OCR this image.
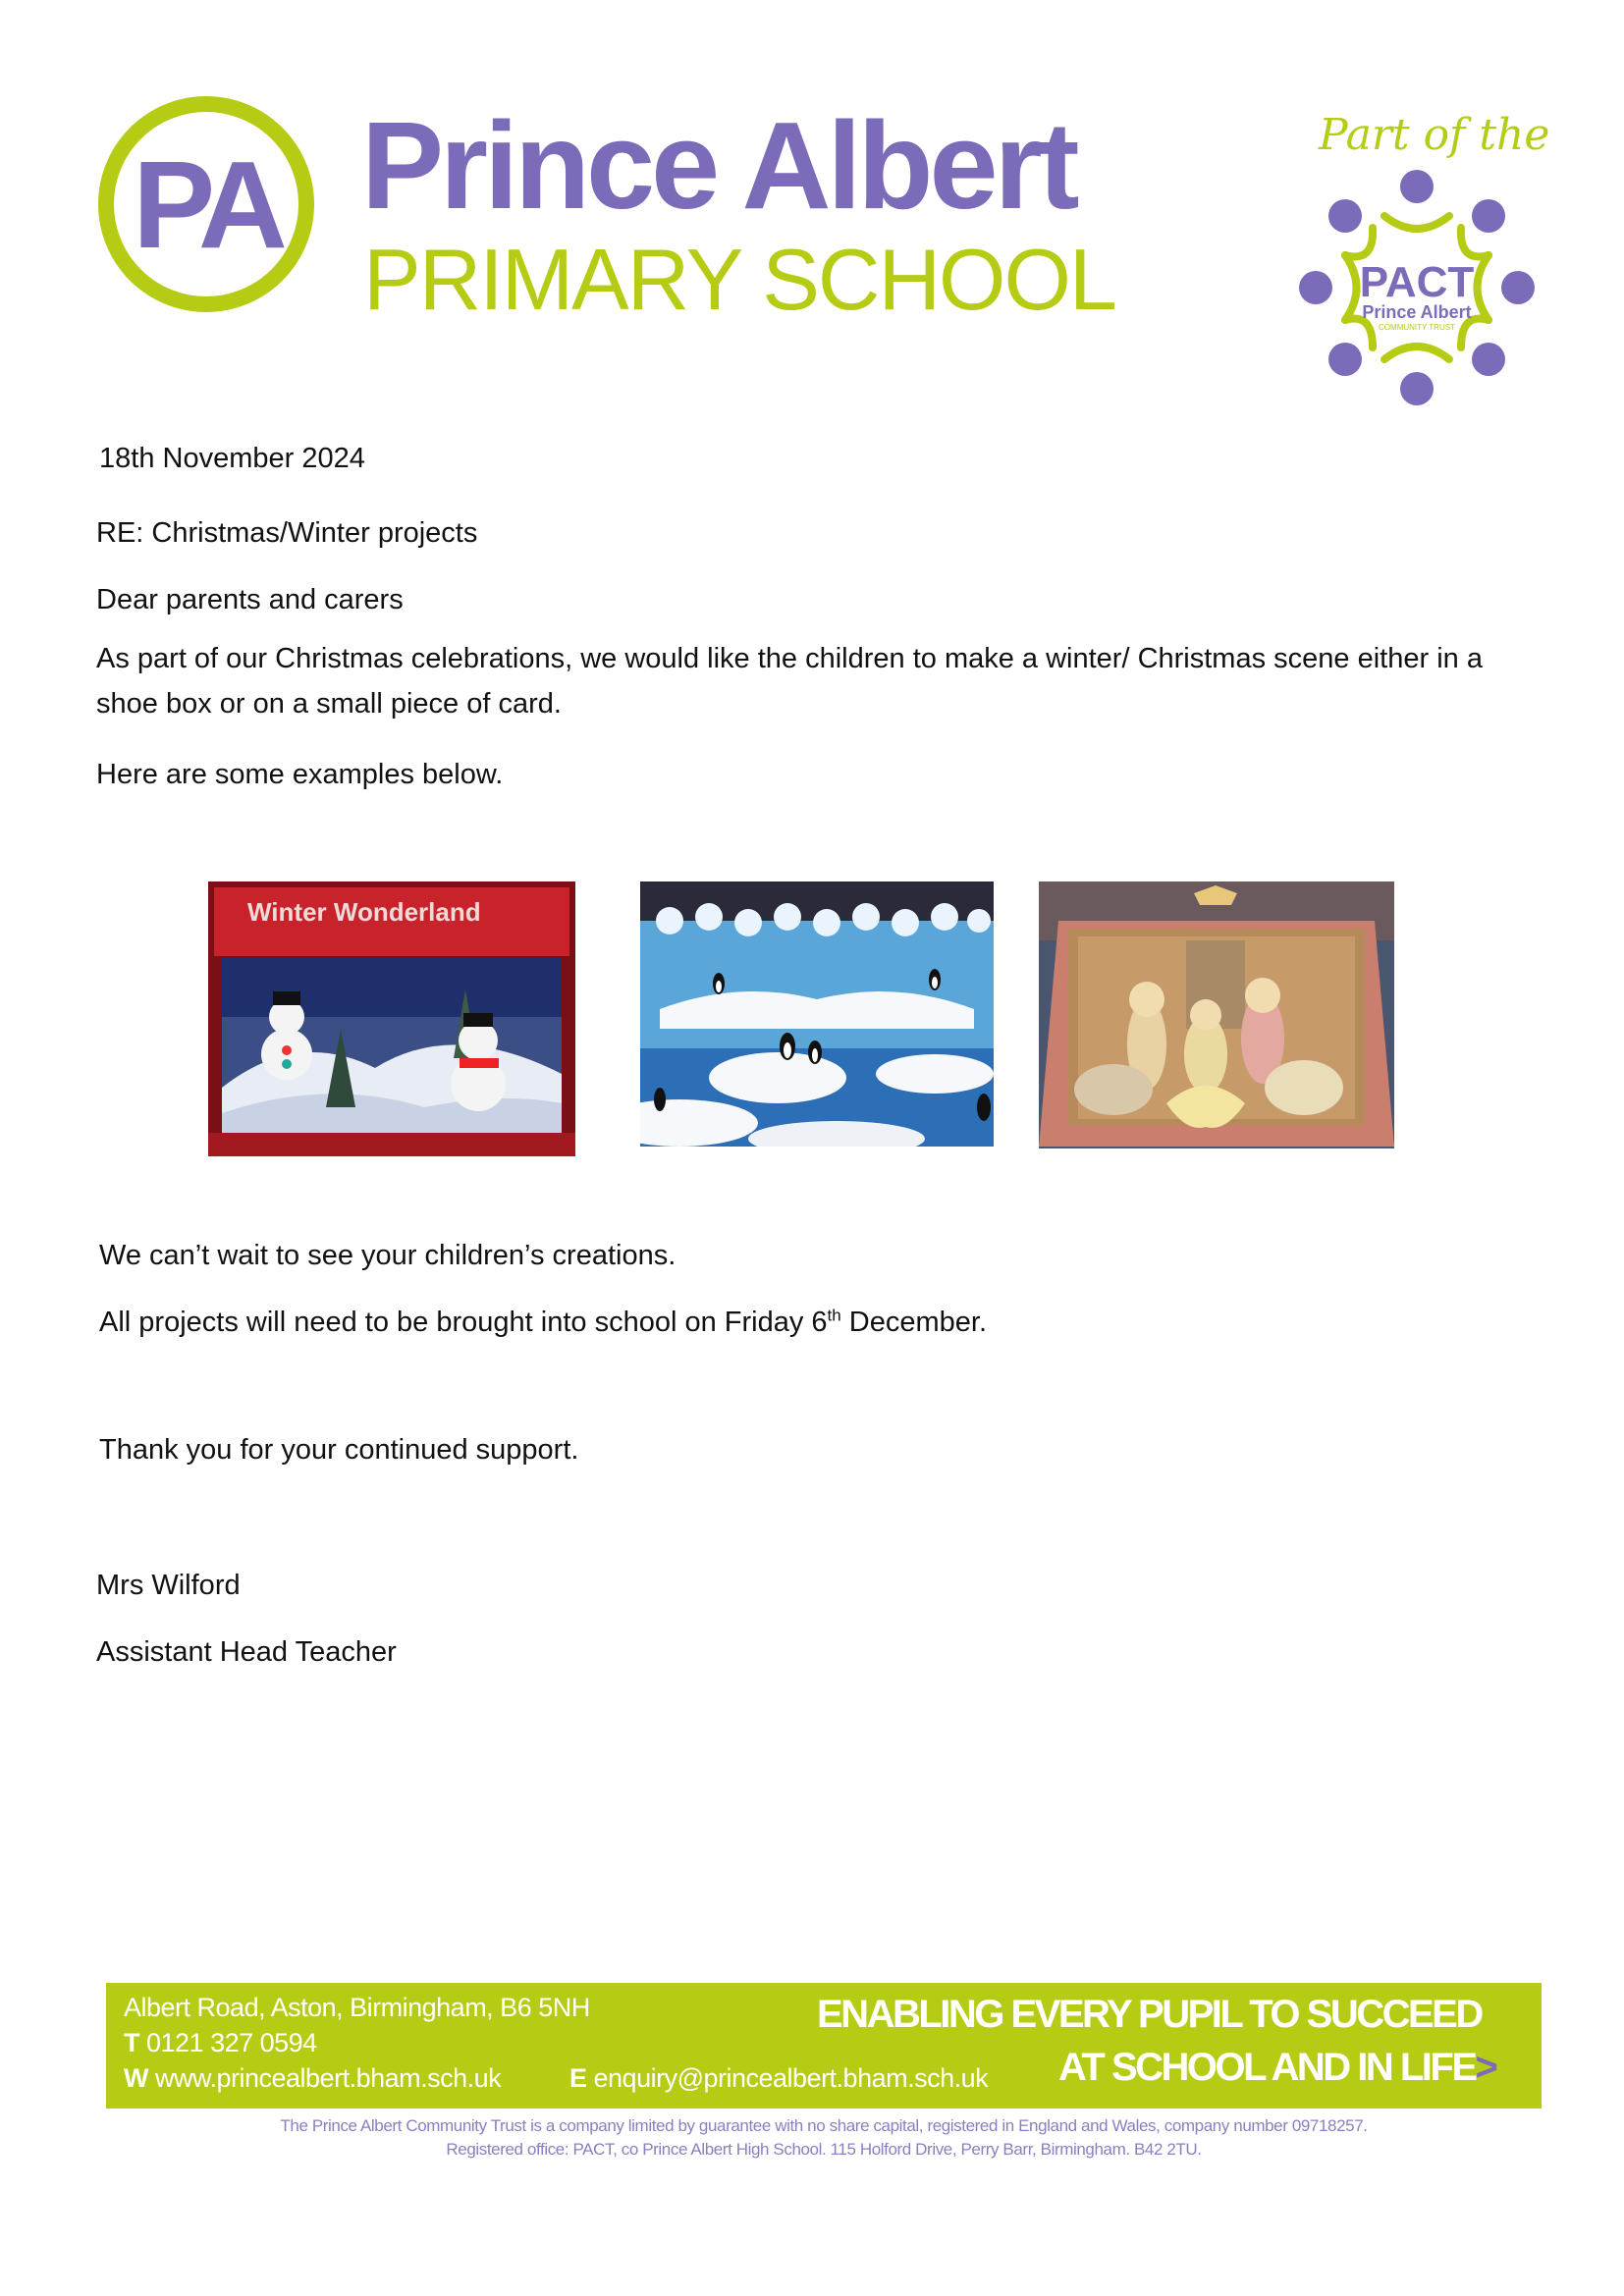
PA Prince Albert
PRIMARY SCHOOL
Part of the
PACT
Prince Albert
COMMUNITY TRUST
18th November 2024
RE: Christmas/Winter projects
Dear parents and carers
As part of our Christmas celebrations, we would like the children to make a winter/ Christmas scene either in a shoe box or on a small piece of card.
Here are some examples below.
Winter Wonderland
We can’t wait to see your children’s creations.
All projects will need to be brought into school on Friday 6th December.
Thank you for your continued support.
Mrs Wilford
Assistant Head Teacher
Albert Road, Aston, Birmingham, B6 5NH
T 0121 327 0594
W www.princealbert.bham.sch.uk	E enquiry@princealbert.bham.sch.uk
ENABLING EVERY PUPIL TO SUCCEED
AT SCHOOL AND IN LIFE>
The Prince Albert Community Trust is a company limited by guarantee with no share capital, registered in England and Wales, company number 09718257.
Registered office: PACT, co Prince Albert High School. 115 Holford Drive, Perry Barr, Birmingham. B42 2TU.
